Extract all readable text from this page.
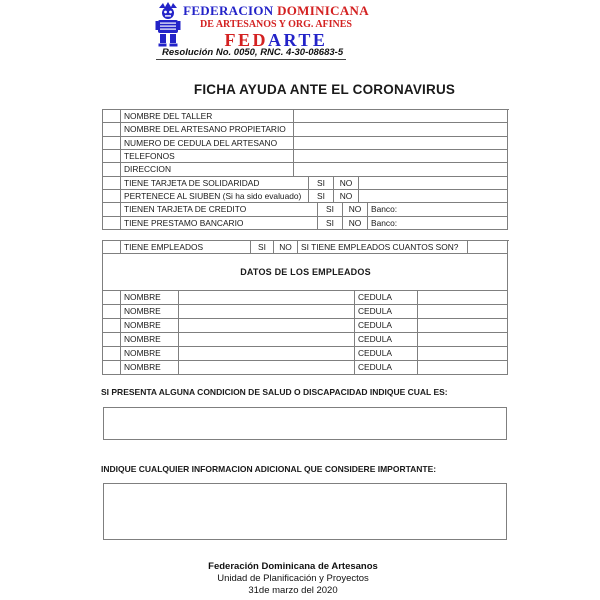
FEDERACION DOMINICANA
DE ARTESANOS Y ORG. AFINES
FEDARTE
Resolución No. 0050, RNC. 4-30-08683-5
FICHA AYUDA ANTE EL CORONAVIRUS
NOMBRE DEL TALLER
NOMBRE DEL ARTESANO PROPIETARIO
NUMERO DE CEDULA DEL ARTESANO
TELEFONOS
DIRECCION
TIENE TARJETA DE SOLIDARIDAD	SI	NO
PERTENECE AL SIUBEN (Si ha sido evaluado)	SI	NO
TIENEN TARJETA DE CREDITO	SI	NO	Banco:
TIENE PRESTAMO BANCARIO	SI	NO	Banco:
TIENE EMPLEADOS	SI	NO	SI TIENE EMPLEADOS CUANTOS SON?
DATOS DE LOS EMPLEADOS
NOMBRE	CEDULA
NOMBRE	CEDULA
NOMBRE	CEDULA
NOMBRE	CEDULA
NOMBRE	CEDULA
NOMBRE	CEDULA
SI PRESENTA ALGUNA CONDICION DE SALUD O DISCAPACIDAD INDIQUE CUAL ES:
INDIQUE CUALQUIER INFORMACION ADICIONAL QUE CONSIDERE IMPORTANTE:
Federación Dominicana de Artesanos
Unidad de Planificación y Proyectos
31de marzo del 2020
